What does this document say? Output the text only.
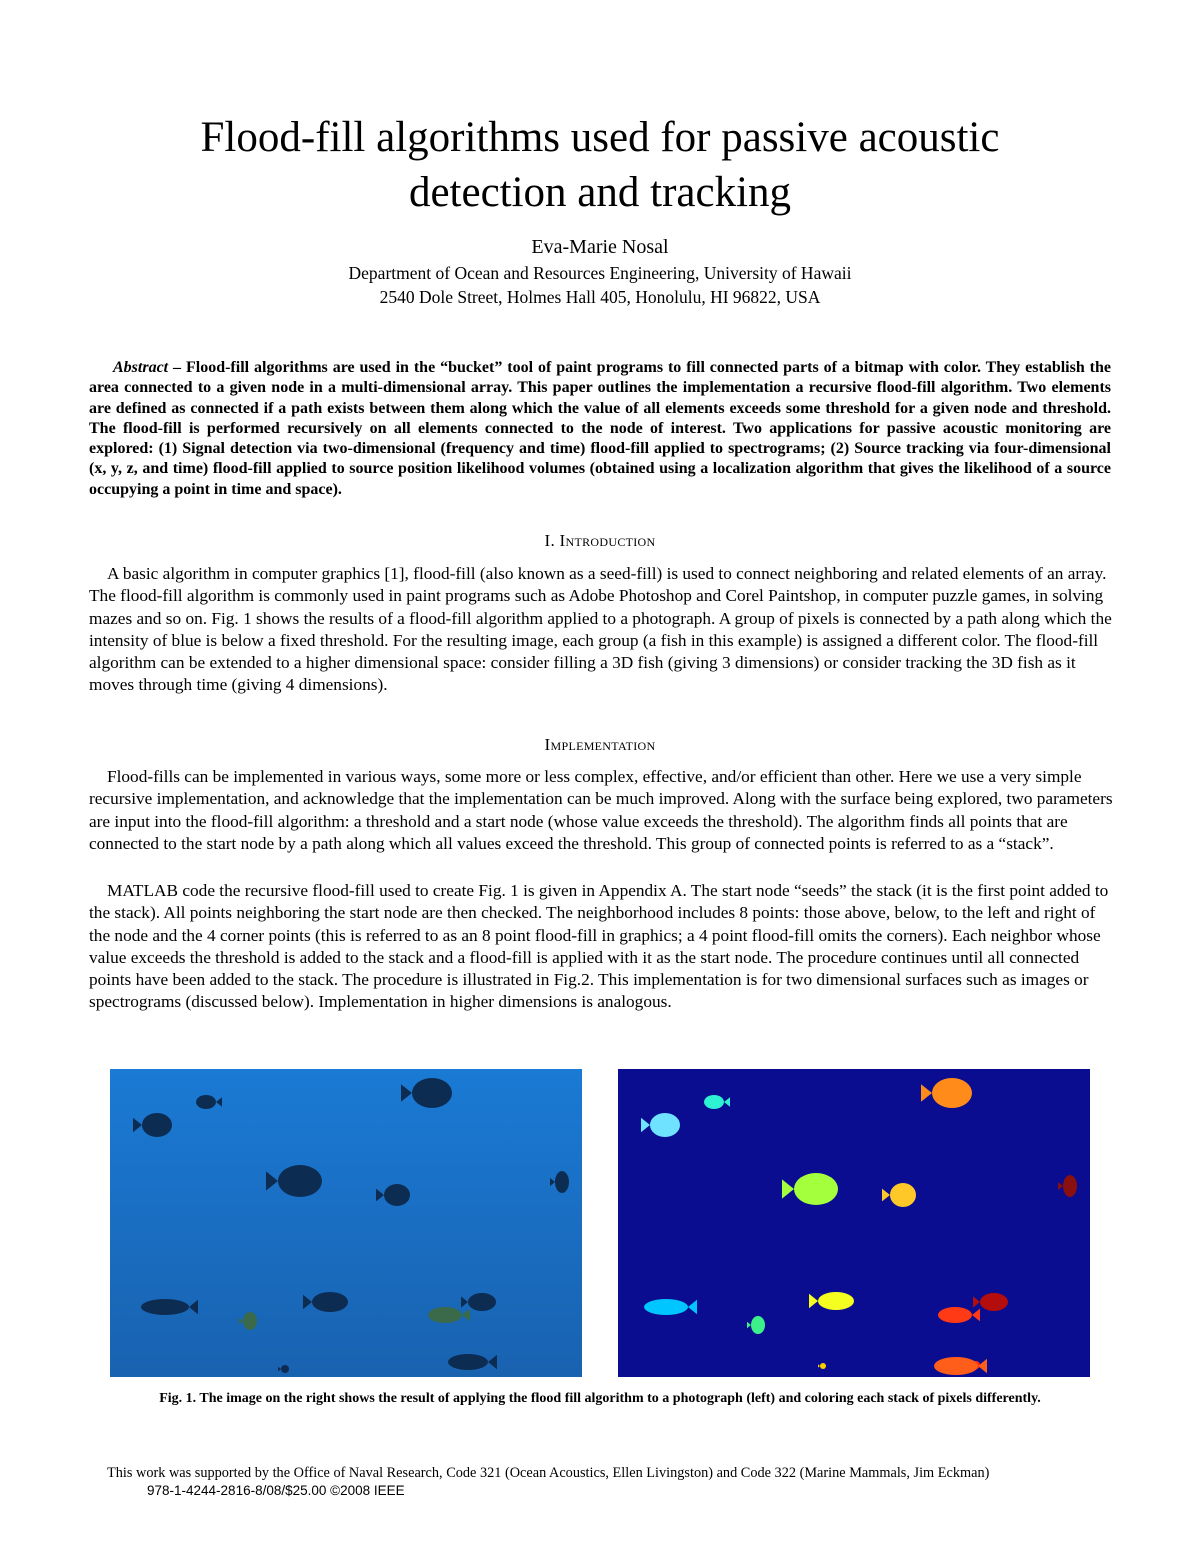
Flood-fill algorithms used for passive acoustic
detection and tracking
Eva-Marie Nosal
Department of Ocean and Resources Engineering, University of Hawaii
2540 Dole Street, Holmes Hall 405, Honolulu, HI 96822, USA
Abstract – Flood-fill algorithms are used in the “bucket” tool of paint programs to fill connected parts of a bitmap with color. They establish the area connected to a given node in a multi-dimensional array. This paper outlines the implementation a recursive flood-fill algorithm. Two elements are defined as connected if a path exists between them along which the value of all elements exceeds some threshold for a given node and threshold. The flood-fill is performed recursively on all elements connected to the node of interest. Two applications for passive acoustic monitoring are explored: (1) Signal detection via two-dimensional (frequency and time) flood-fill applied to spectrograms; (2) Source tracking via four-dimensional (x, y, z, and time) flood-fill applied to source position likelihood volumes (obtained using a localization algorithm that gives the likelihood of a source occupying a point in time and space).
I. Introduction
A basic algorithm in computer graphics [1], flood-fill (also known as a seed-fill) is used to connect neighboring and related elements of an array. The flood-fill algorithm is commonly used in paint programs such as Adobe Photoshop and Corel Paintshop, in computer puzzle games, in solving mazes and so on. Fig. 1 shows the results of a flood-fill algorithm applied to a photograph. A group of pixels is connected by a path along which the intensity of blue is below a fixed threshold. For the resulting image, each group (a fish in this example) is assigned a different color. The flood-fill algorithm can be extended to a higher dimensional space: consider filling a 3D fish (giving 3 dimensions) or consider tracking the 3D fish as it moves through time (giving 4 dimensions).
Implementation
Flood-fills can be implemented in various ways, some more or less complex, effective, and/or efficient than other. Here we use a very simple recursive implementation, and acknowledge that the implementation can be much improved. Along with the surface being explored, two parameters are input into the flood-fill algorithm: a threshold and a start node (whose value exceeds the threshold). The algorithm finds all points that are connected to the start node by a path along which all values exceed the threshold. This group of connected points is referred to as a “stack”.
MATLAB code the recursive flood-fill used to create Fig. 1 is given in Appendix A. The start node “seeds” the stack (it is the first point added to the stack). All points neighboring the start node are then checked. The neighborhood includes 8 points: those above, below, to the left and right of the node and the 4 corner points (this is referred to as an 8 point flood-fill in graphics; a 4 point flood-fill omits the corners). Each neighbor whose value exceeds the threshold is added to the stack and a flood-fill is applied with it as the start node. The procedure continues until all connected points have been added to the stack. The procedure is illustrated in Fig.2. This implementation is for two dimensional surfaces such as images or spectrograms (discussed below). Implementation in higher dimensions is analogous.
Fig. 1. The image on the right shows the result of applying the flood fill algorithm to a photograph (left) and coloring each stack of pixels differently.
This work was supported by the Office of Naval Research, Code 321 (Ocean Acoustics, Ellen Livingston) and Code 322 (Marine Mammals, Jim Eckman)
978-1-4244-2816-8/08/$25.00 ©2008 IEEE
